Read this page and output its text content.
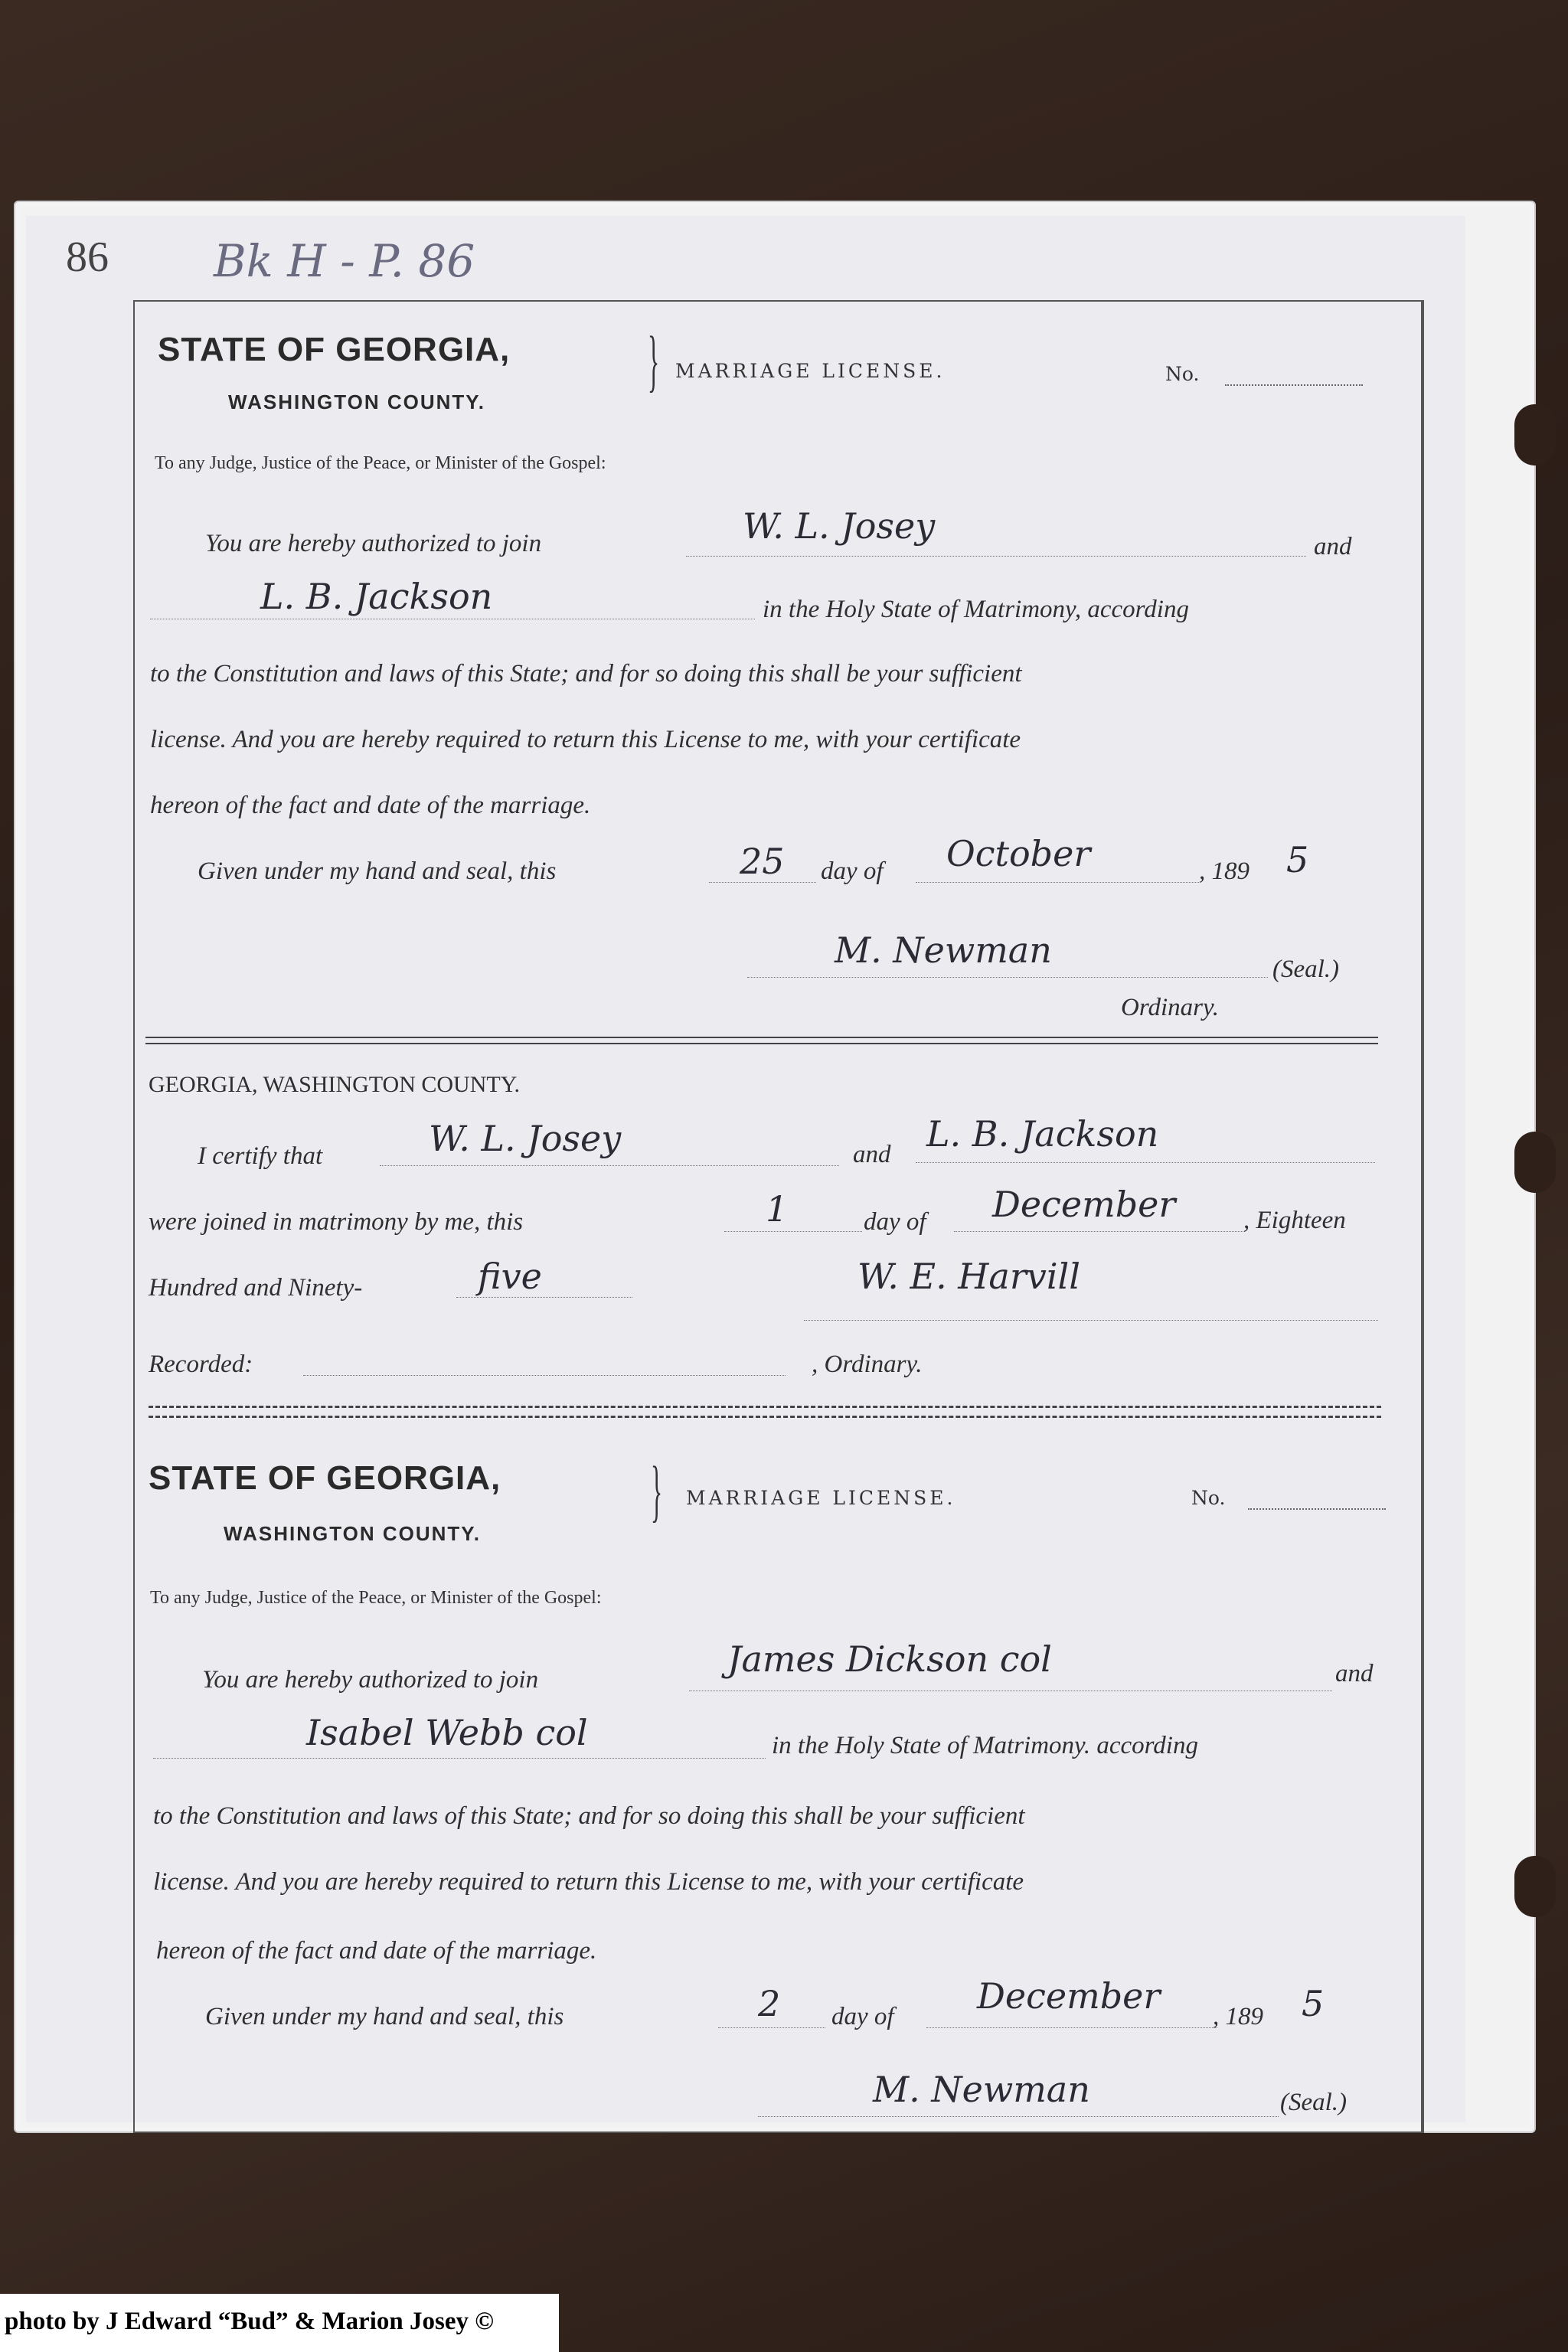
86 Bk H - P. 86
STATE OF GEORGIA,
WASHINGTON COUNTY.
} MARRIAGE LICENSE.	No.
To any Judge, Justice of the Peace, or Minister of the Gospel:
You are hereby authorized to join	W. L. Josey	and
L. B. Jackson	in the Holy State of Matrimony, according
to the Constitution and laws of this State; and for so doing this shall be your sufficient
license. And you are hereby required to return this License to me, with your certificate
hereon of the fact and date of the marriage.
Given under my hand and seal, this	25 day of October	, 189 5
M. Newman	(Seal.)
Ordinary.
GEORGIA, WASHINGTON COUNTY.
I certify that	W. L. Josey	and L. B. Jackson
were joined in matrimony by me, this	1	day of December	, Eighteen
Hundred and Ninety-	five	W. E. Harvill
Recorded:	, Ordinary.
STATE OF GEORGIA,
WASHINGTON COUNTY.
} MARRIAGE LICENSE.	No.
To any Judge, Justice of the Peace, or Minister of the Gospel:
You are hereby authorized to join	James Dickson col	and
Isabel Webb col	in the Holy State of Matrimony. according
to the Constitution and laws of this State; and for so doing this shall be your sufficient
license. And you are hereby required to return this License to me, with your certificate
hereon of the fact and date of the marriage.
Given under my hand and seal, this	2 day of December , 189 5
M. Newman	(Seal.)
photo by J Edward “Bud” & Marion Josey ©
